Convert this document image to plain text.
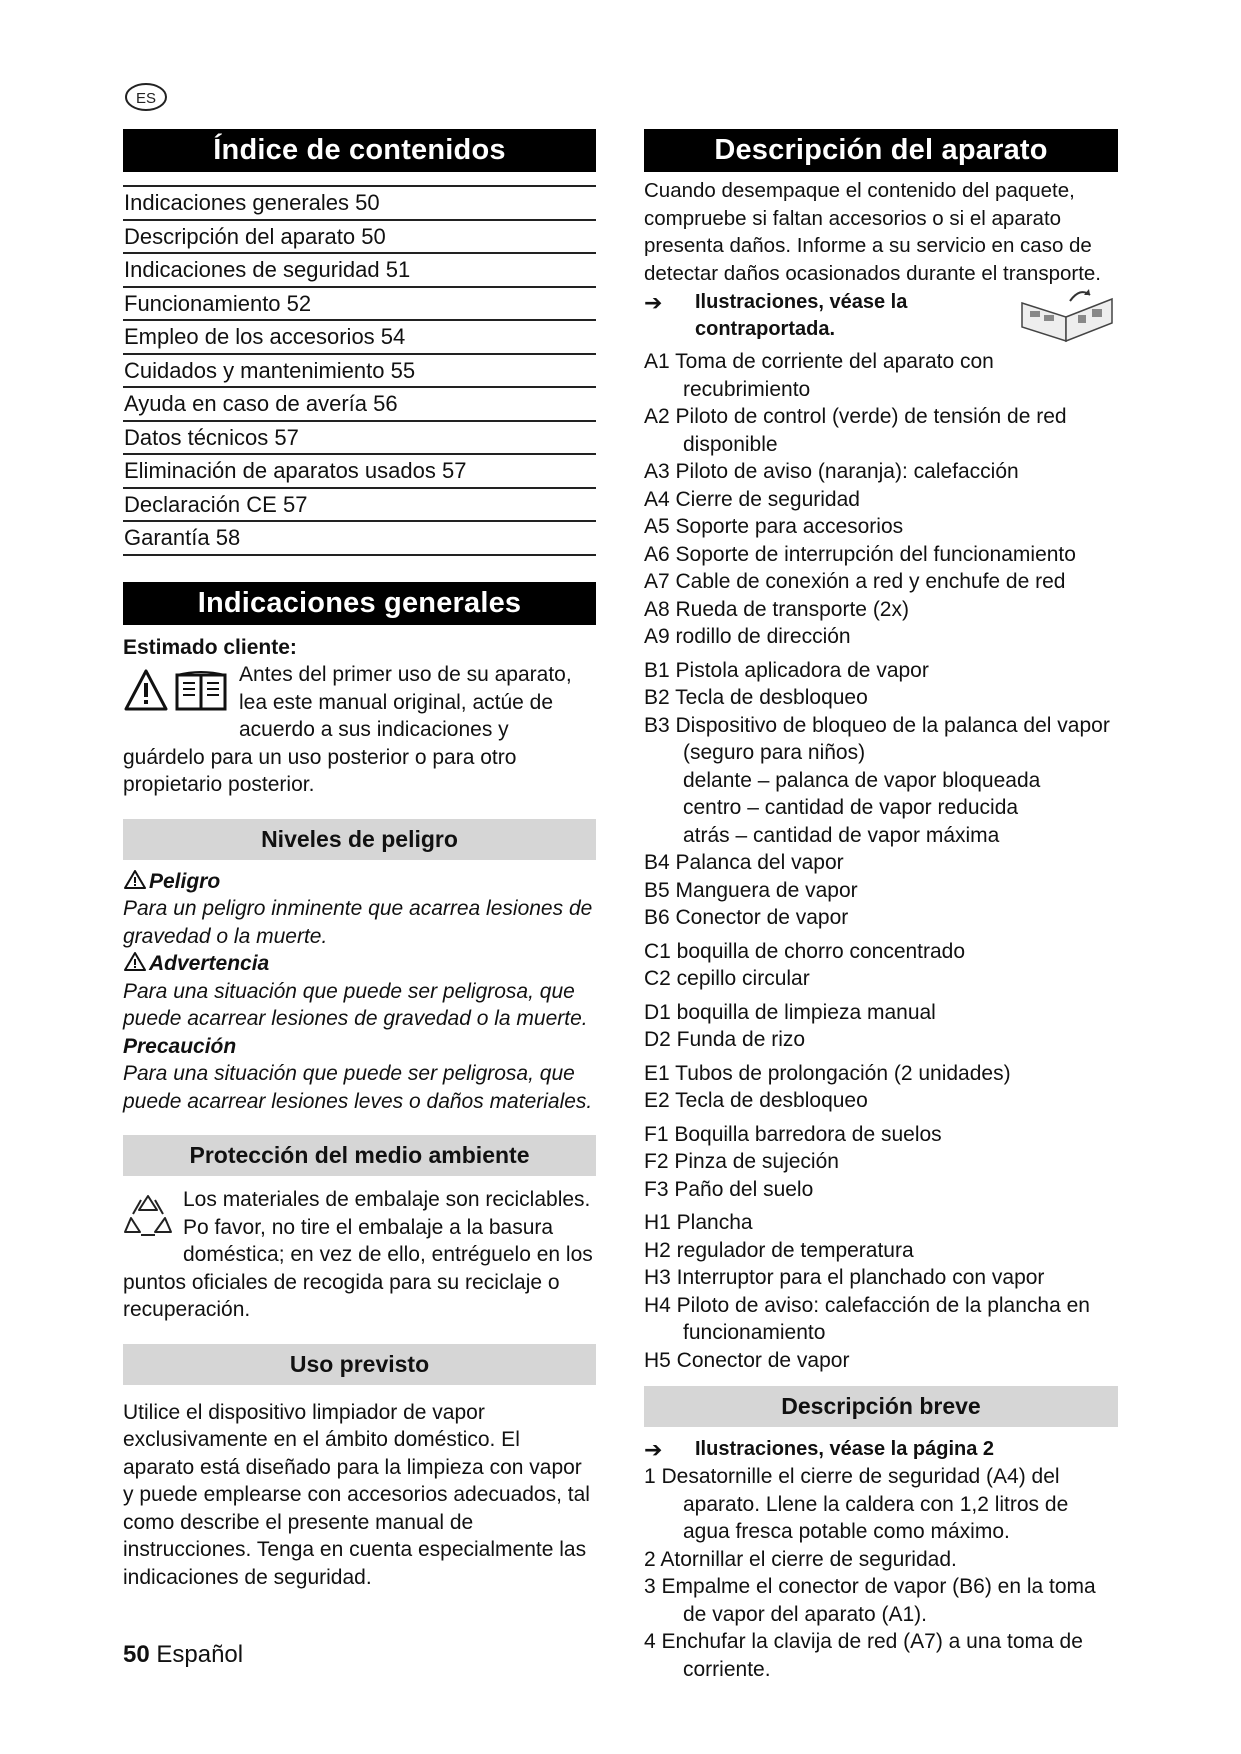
ES
Índice de contenidos
Indicaciones generales 50
Descripción del aparato 50
Indicaciones de seguridad 51
Funcionamiento 52
Empleo de los accesorios 54
Cuidados y mantenimiento 55
Ayuda en caso de avería 56
Datos técnicos 57
Eliminación de aparatos usados 57
Declaración CE 57
Garantía 58
Indicaciones generales
Estimado cliente:
Antes del primer uso de su aparato, lea este manual original, actúe de acuerdo a sus indicaciones y guárdelo para un uso posterior o para otro propietario posterior.
Niveles de peligro
Peligro
Para un peligro inminente que acarrea lesiones de gravedad o la muerte.
Advertencia
Para una situación que puede ser peligrosa, que puede acarrear lesiones de gravedad o la muerte.
Precaución
Para una situación que puede ser peligrosa, que puede acarrear lesiones leves o daños materiales.
Protección del medio ambiente
Los materiales de embalaje son reciclables. Po favor, no tire el embalaje a la basura doméstica; en vez de ello, entréguelo en los puntos oficiales de recogida para su reciclaje o recuperación.
Uso previsto
Utilice el dispositivo limpiador de vapor exclusivamente en el ámbito doméstico. El aparato está diseñado para la limpieza con vapor y puede emplearse con accesorios adecuados, tal como describe el presente manual de instrucciones. Tenga en cuenta especialmente las indicaciones de seguridad.
Descripción del aparato
Cuando desempaque el contenido del paquete, compruebe si faltan accesorios o si el aparato presenta daños. Informe a su servicio en caso de detectar daños ocasionados durante el transporte.
➔	Ilustraciones, véase la contraportada.
A1 Toma de corriente del aparato con recubrimiento
A2 Piloto de control (verde) de tensión de red disponible
A3 Piloto de aviso (naranja): calefacción
A4 Cierre de seguridad
A5 Soporte para accesorios
A6 Soporte de interrupción del funcionamiento
A7 Cable de conexión a red y enchufe de red
A8 Rueda de transporte (2x)
A9 rodillo de dirección
B1 Pistola aplicadora de vapor
B2 Tecla de desbloqueo
B3 Dispositivo de bloqueo de la palanca del vapor (seguro para niños)
delante – palanca de vapor bloqueada
centro – cantidad de vapor reducida
atrás – cantidad de vapor máxima
B4 Palanca del vapor
B5 Manguera de vapor
B6 Conector de vapor
C1 boquilla de chorro concentrado
C2 cepillo circular
D1 boquilla de limpieza manual
D2 Funda de rizo
E1 Tubos de prolongación (2 unidades)
E2 Tecla de desbloqueo
F1 Boquilla barredora de suelos
F2 Pinza de sujeción
F3 Paño del suelo
H1 Plancha
H2 regulador de temperatura
H3 Interruptor para el planchado con vapor
H4 Piloto de aviso: calefacción de la plancha en funcionamiento
H5 Conector de vapor
Descripción breve
➔	Ilustraciones, véase la página 2
1 Desatornille el cierre de seguridad (A4) del aparato. Llene la caldera con 1,2 litros de agua fresca potable como máximo.
2 Atornillar el cierre de seguridad.
3 Empalme el conector de vapor (B6) en la toma de vapor del aparato (A1).
4 Enchufar la clavija de red (A7) a una toma de corriente.
50 Español
